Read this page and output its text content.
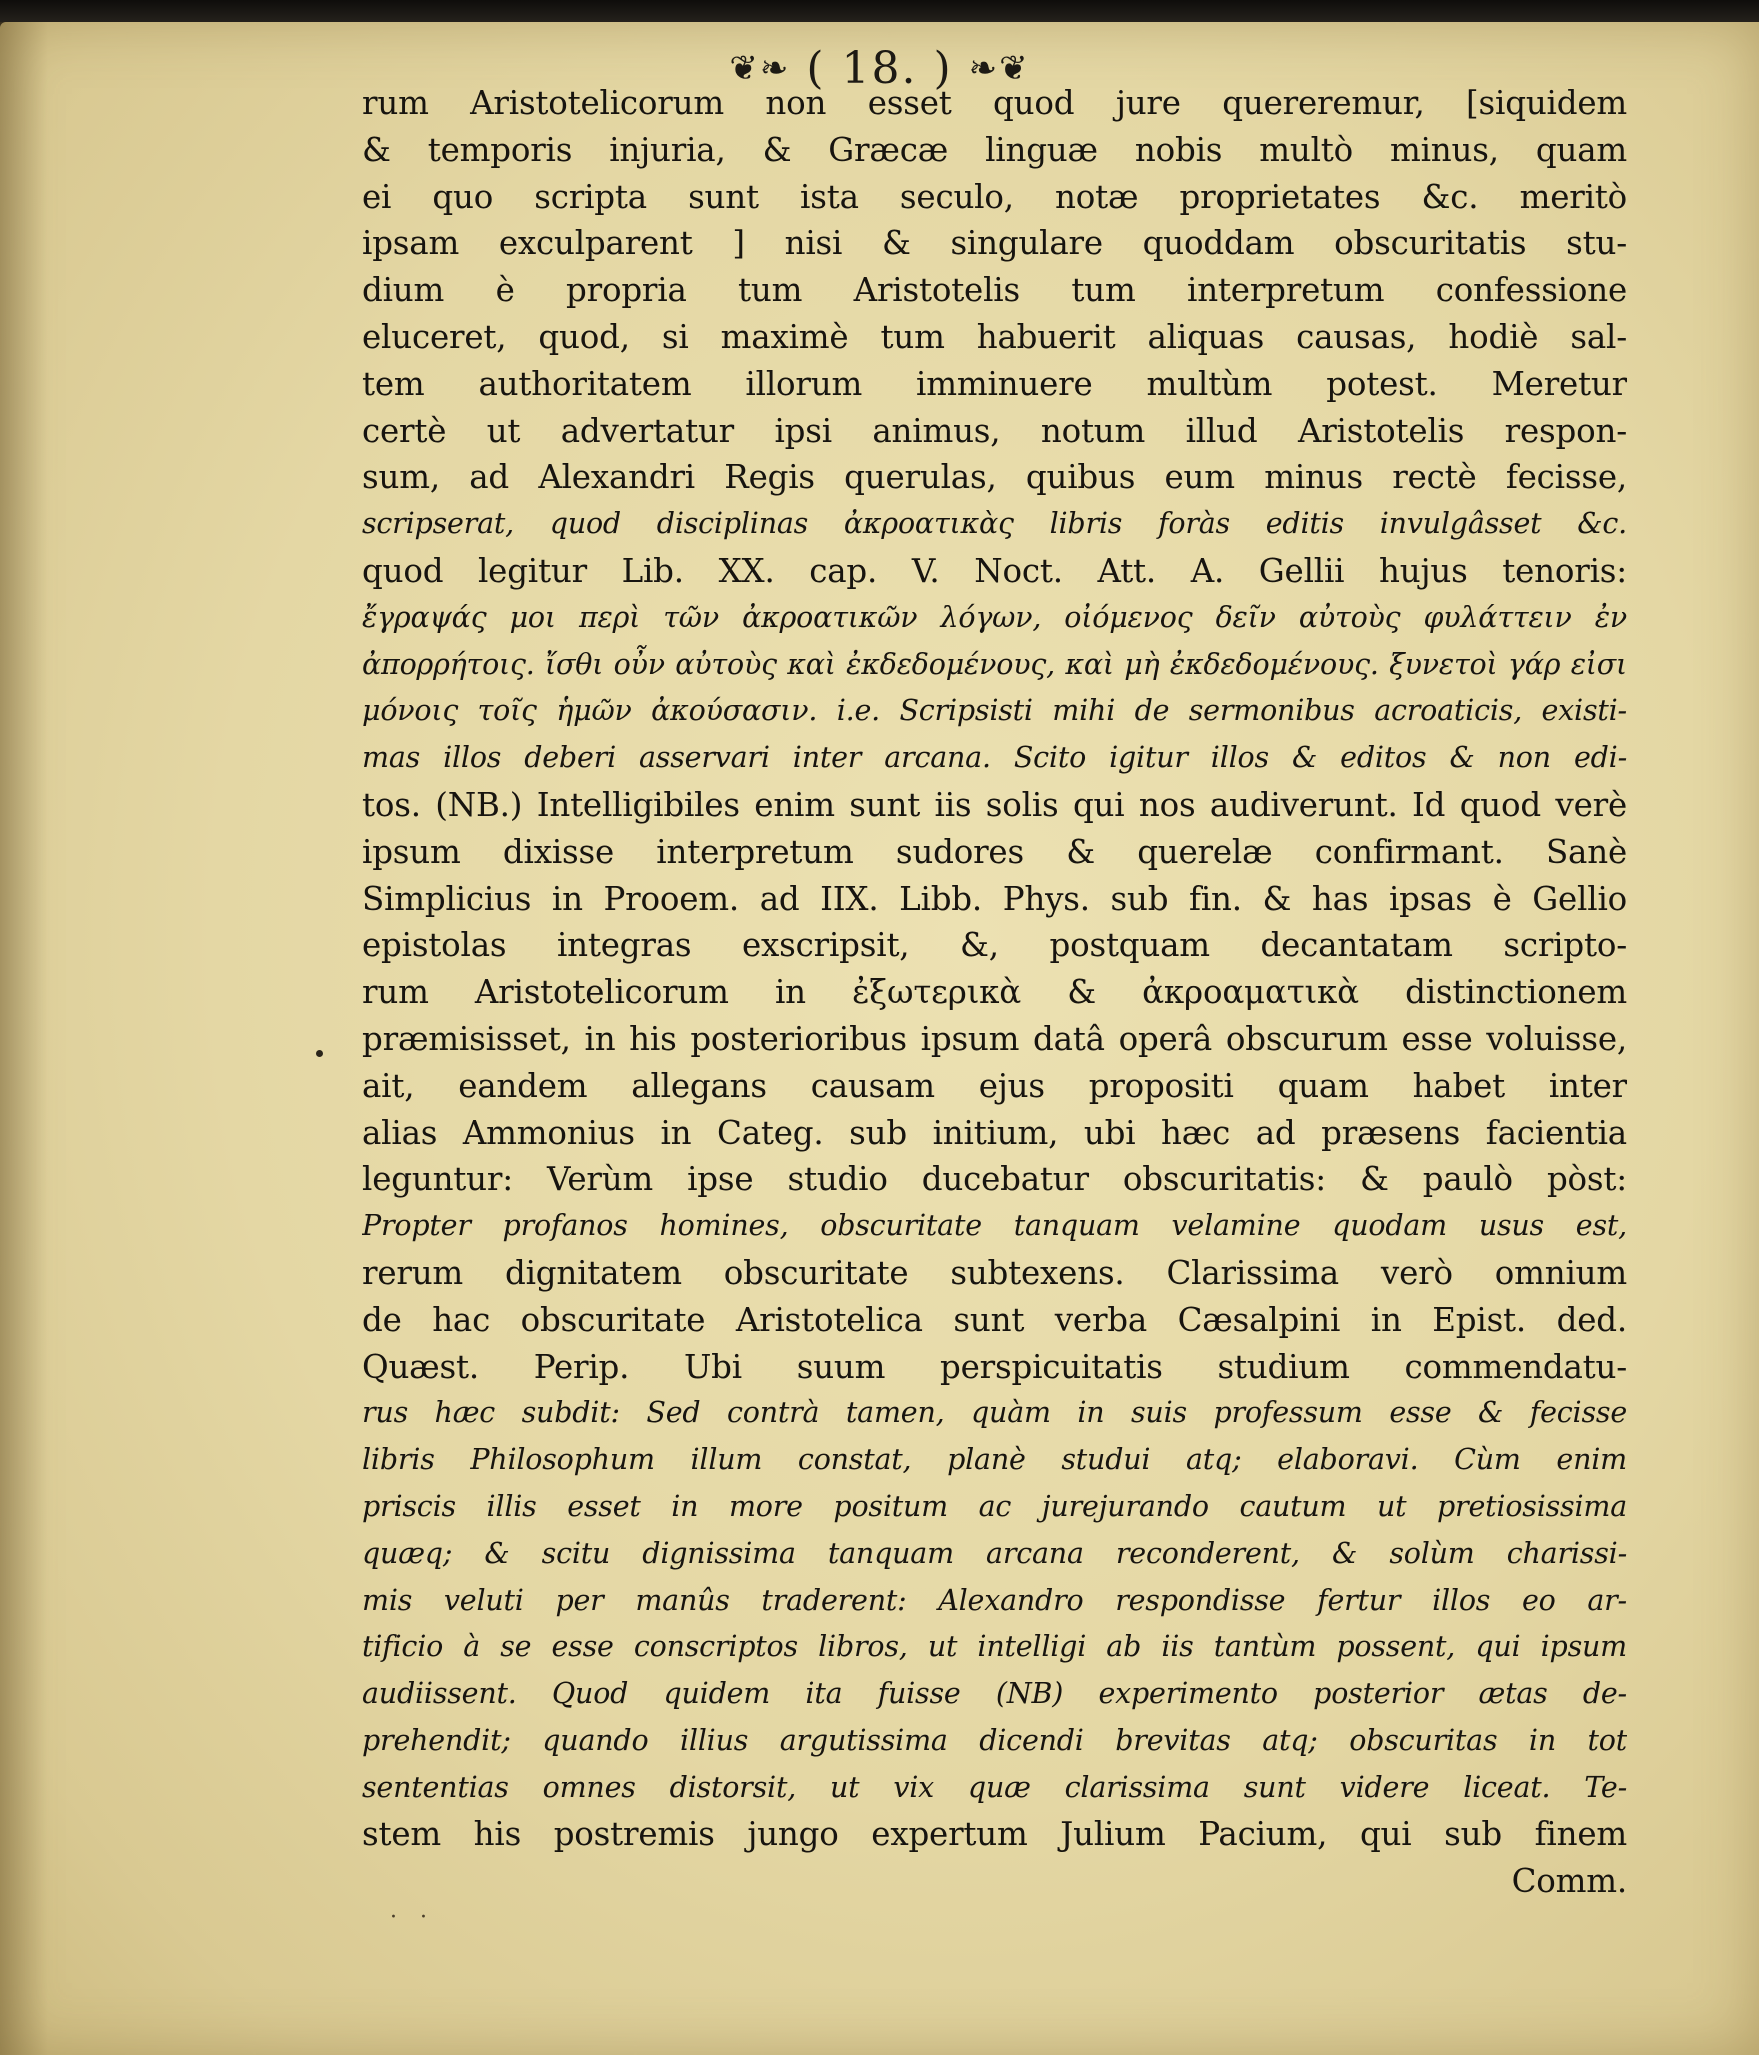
❦❧ ( 18. ) ❧❦
rum Aristotelicorum non esset quod jure quereremur, [siquidem
& temporis injuria, & Græcæ linguæ nobis multò minus, quam
ei quo scripta sunt ista seculo, notæ proprietates &c. meritò
ipsam exculparent ] nisi & singulare quoddam obscuritatis stu-
dium è propria tum Aristotelis tum interpretum confessione
eluceret, quod, si maximè tum habuerit aliquas causas, hodiè sal-
tem authoritatem illorum imminuere multùm potest. Meretur
certè ut advertatur ipsi animus, notum illud Aristotelis respon-
sum, ad Alexandri Regis querulas, quibus eum minus rectè fecisse,
scripserat, quod disciplinas ἀκροατικὰς libris foràs editis invulgâsset &c.
quod legitur Lib. XX. cap. V. Noct. Att. A. Gellii hujus tenoris:
ἔγραψάς μοι περὶ τῶν ἀκροατικῶν λόγων, οἰόμενος δεῖν αὐτοὺς φυλάττειν ἐν
ἀπορρήτοις. ἴσθι οὖν αὐτοὺς καὶ ἐκδεδομένους, καὶ μὴ ἐκδεδομένους. ξυνετοὶ γάρ εἰσι
μόνοις τοῖς ἡμῶν ἀκούσασιν. i.e. Scripsisti mihi de sermonibus acroaticis, existi-
mas illos deberi asservari inter arcana. Scito igitur illos & editos & non edi-
tos. (NB.) Intelligibiles enim sunt iis solis qui nos audiverunt. Id quod verè
ipsum dixisse interpretum sudores & querelæ confirmant. Sanè
Simplicius in Prooem. ad IIX. Libb. Phys. sub fin. & has ipsas è Gellio
epistolas integras exscripsit, &, postquam decantatam scripto-
rum Aristotelicorum in ἐξωτερικὰ & ἀκροαματικὰ distinctionem
præmisisset, in his posterioribus ipsum datâ operâ obscurum esse voluisse,
ait, eandem allegans causam ejus propositi quam habet inter
alias Ammonius in Categ. sub initium, ubi hæc ad præsens facientia
leguntur: Verùm ipse studio ducebatur obscuritatis: & paulò pòst:
Propter profanos homines, obscuritate tanquam velamine quodam usus est,
rerum dignitatem obscuritate subtexens. Clarissima verò omnium
de hac obscuritate Aristotelica sunt verba Cæsalpini in Epist. ded.
Quæst. Perip. Ubi suum perspicuitatis studium commendatu-
rus hæc subdit: Sed contrà tamen, quàm in suis professum esse & fecisse
libris Philosophum illum constat, planè studui atq; elaboravi. Cùm enim
priscis illis esset in more positum ac jurejurando cautum ut pretiosissima
quæq; & scitu dignissima tanquam arcana reconderent, & solùm charissi-
mis veluti per manûs traderent: Alexandro respondisse fertur illos eo ar-
tificio à se esse conscriptos libros, ut intelligi ab iis tantùm possent, qui ipsum
audiissent. Quod quidem ita fuisse (NB) experimento posterior ætas de-
prehendit; quando illius argutissima dicendi brevitas atq; obscuritas in tot
sententias omnes distorsit, ut vix quæ clarissima sunt videre liceat. Te-
stem his postremis jungo expertum Julium Pacium, qui sub finem
Comm.
· ·
